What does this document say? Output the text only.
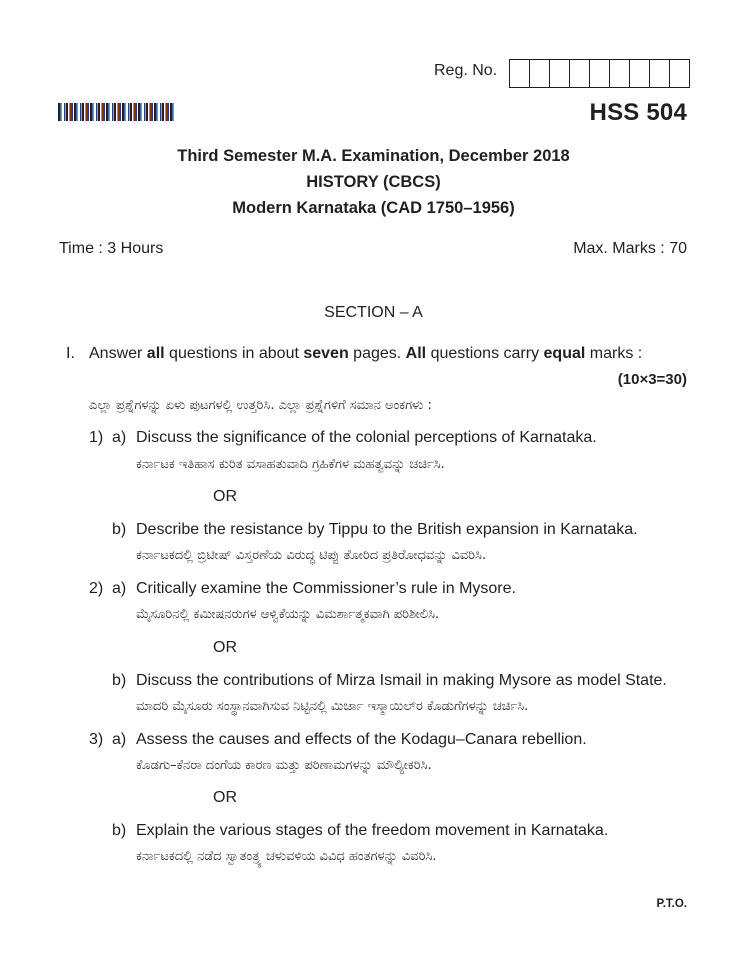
Reg. No.
HSS 504
Third Semester M.A. Examination, December 2018
HISTORY (CBCS)
Modern Karnataka (CAD 1750–1956)
Time : 3 Hours	Max. Marks : 70
SECTION – A
I. Answer all questions in about seven pages. All questions carry equal marks :
(10×3=30)
ಎಲ್ಲಾ ಪ್ರಶ್ನೆಗಳನ್ನು ಏಳು ಪುಟಗಳಲ್ಲಿ ಉತ್ತರಿಸಿ. ಎಲ್ಲಾ ಪ್ರಶ್ನೆಗಳಿಗೆ ಸಮಾನ ಅಂಕಗಳು :
1) a) Discuss the significance of the colonial perceptions of Karnataka.
ಕರ್ನಾಟಕ ಇತಿಹಾಸ ಕುರಿತ ವಸಾಹತುವಾದಿ ಗ್ರಹಿಕೆಗಳ ಮಹತ್ವವನ್ನು ಚರ್ಚಿಸಿ.
OR
b) Describe the resistance by Tippu to the British expansion in Karnataka.
ಕರ್ನಾಟಕದಲ್ಲಿ ಬ್ರಿಟೀಷ್ ವಿಸ್ತರಣೆಯ ವಿರುದ್ಧ ಟಿಪ್ಪು ತೋರಿದ ಪ್ರತಿರೋಧವನ್ನು ವಿವರಿಸಿ.
2) a) Critically examine the Commissioner’s rule in Mysore.
ಮೈಸೂರಿನಲ್ಲಿ ಕಮೀಷನರುಗಳ ಆಳ್ವಿಕೆಯನ್ನು ವಿಮರ್ಶಾತ್ಮಕವಾಗಿ ಪರಿಶೀಲಿಸಿ.
OR
b) Discuss the contributions of Mirza Ismail in making Mysore as model State.
ಮಾದರಿ ಮೈಸೂರು ಸಂಸ್ಥಾನವಾಗಿಸುವ ನಿಟ್ಟಿನಲ್ಲಿ ಮಿರ್ಜಾ ಇಸ್ಮಾಯಿಲ್‌ರ ಕೊಡುಗೆಗಳನ್ನು ಚರ್ಚಿಸಿ.
3) a) Assess the causes and effects of the Kodagu–Canara rebellion.
ಕೊಡಗು–ಕೆನರಾ ದಂಗೆಯ ಕಾರಣ ಮತ್ತು ಪರಿಣಾಮಗಳನ್ನು ಮೌಲ್ಯೀಕರಿಸಿ.
OR
b) Explain the various stages of the freedom movement in Karnataka.
ಕರ್ನಾಟಕದಲ್ಲಿ ನಡೆದ ಸ್ವಾತಂತ್ರ್ಯ ಚಳುವಳಿಯ ವಿವಿಧ ಹಂತಗಳನ್ನು ವಿವರಿಸಿ.
P.T.O.
